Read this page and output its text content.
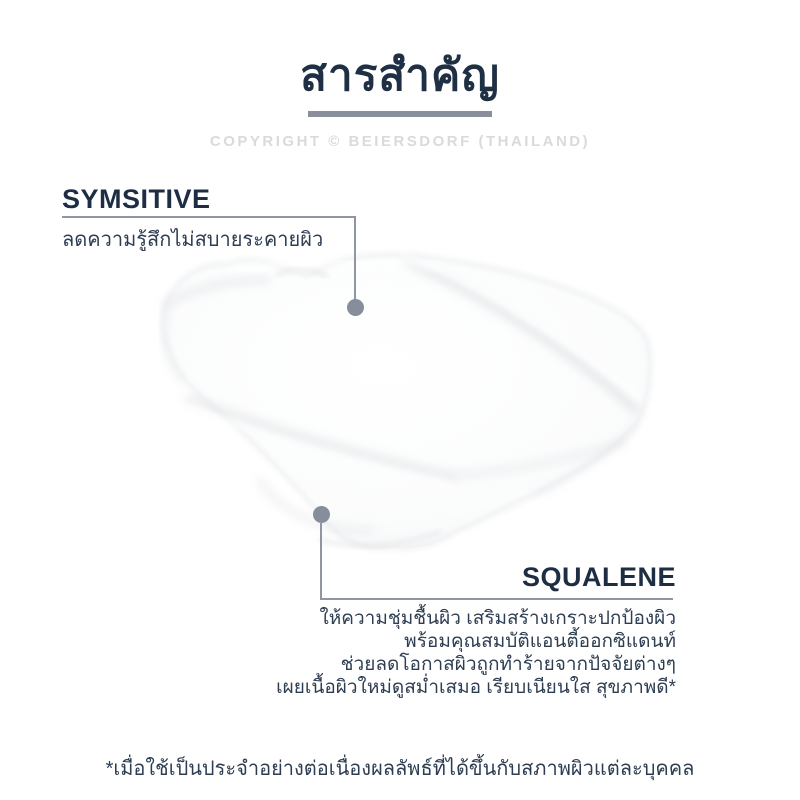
สารสำคัญ
COPYRIGHT © BEIERSDORF (THAILAND)
SYMSITIVE
ลดความรู้สึกไม่สบายระคายผิว
SQUALENE
ให้ความชุ่มชื้นผิว เสริมสร้างเกราะปกป้องผิว
พร้อมคุณสมบัติแอนตี้ออกซิแดนท์
ช่วยลดโอกาสผิวถูกทำร้ายจากปัจจัยต่างๆ
เผยเนื้อผิวใหม่ดูสม่ำเสมอ เรียบเนียนใส สุขภาพดี*
*เมื่อใช้เป็นประจำอย่างต่อเนื่องผลลัพธ์ที่ได้ขึ้นกับสภาพผิวแต่ละบุคคล
